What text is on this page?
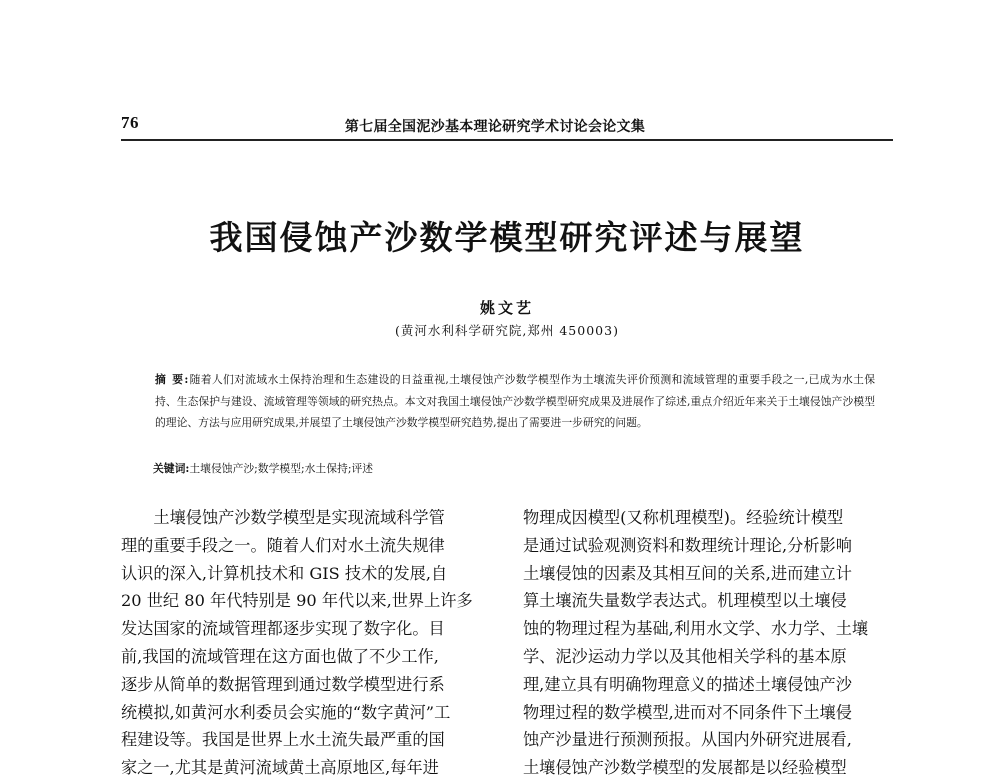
76	第七届全国泥沙基本理论研究学术讨论会论文集
我国侵蚀产沙数学模型研究评述与展望
姚文艺
(黄河水利科学研究院,郑州 450003)
摘 要:随着人们对流域水土保持治理和生态建设的日益重视,土壤侵蚀产沙数学模型作为土壤流失评价预测和流域管理的重要手段之一,已成为水土保持、生态保护与建设、流域管理等领域的研究热点。本文对我国土壤侵蚀产沙数学模型研究成果及进展作了综述,重点介绍近年来关于土壤侵蚀产沙模型的理论、方法与应用研究成果,并展望了土壤侵蚀产沙数学模型研究趋势,提出了需要进一步研究的问题。
关键词:土壤侵蚀产沙;数学模型;水土保持;评述
土壤侵蚀产沙数学模型是实现流域科学管
理的重要手段之一。随着人们对水土流失规律
认识的深入,计算机技术和 GIS 技术的发展,自
20 世纪 80 年代特别是 90 年代以来,世界上许多
发达国家的流域管理都逐步实现了数字化。目
前,我国的流域管理在这方面也做了不少工作,
逐步从简单的数据管理到通过数学模型进行系
统模拟,如黄河水利委员会实施的“数字黄河”工
程建设等。我国是世界上水土流失最严重的国
家之一,尤其是黄河流域黄土高原地区,每年进
物理成因模型(又称机理模型)。经验统计模型
是通过试验观测资料和数理统计理论,分析影响
土壤侵蚀的因素及其相互间的关系,进而建立计
算土壤流失量数学表达式。机理模型以土壤侵
蚀的物理过程为基础,利用水文学、水力学、土壤
学、泥沙运动力学以及其他相关学科的基本原
理,建立具有明确物理意义的描述土壤侵蚀产沙
物理过程的数学模型,进而对不同条件下土壤侵
蚀产沙量进行预测预报。从国内外研究进展看,
土壤侵蚀产沙数学模型的发展都是以经验模型
